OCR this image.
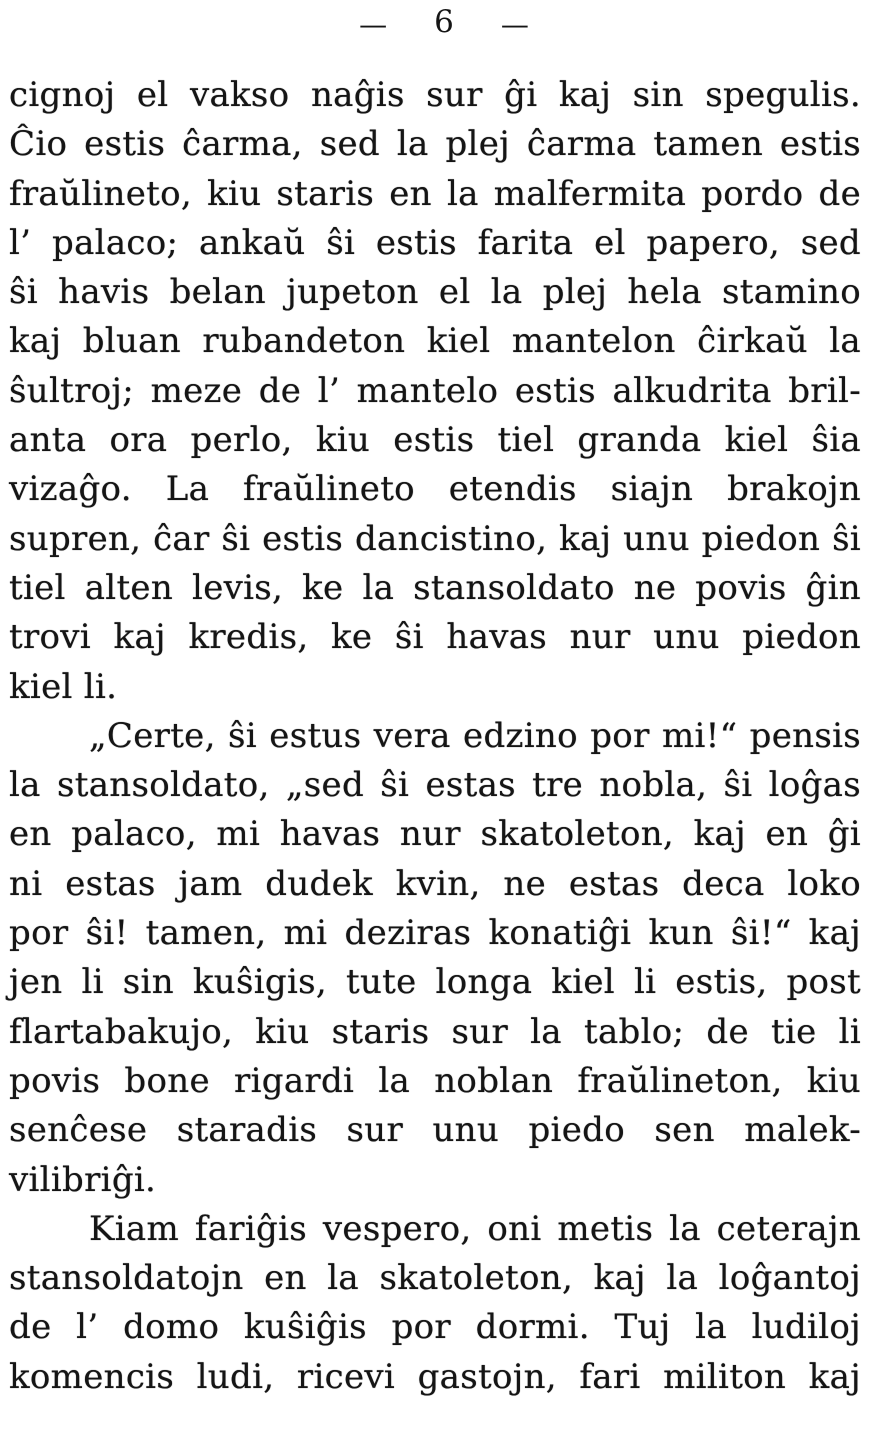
— 6 —
cignoj el vakso naĝis sur ĝi kaj sin spegulis.
Ĉio estis ĉarma, sed la plej ĉarma tamen estis
fraŭlineto, kiu staris en la malfermita pordo de
l’ palaco; ankaŭ ŝi estis farita el papero, sed
ŝi havis belan jupeton el la plej hela stamino
kaj bluan rubandeton kiel mantelon ĉirkaŭ la
ŝultroj; meze de l’ mantelo estis alkudrita bril-
anta ora perlo, kiu estis tiel granda kiel ŝia
vizaĝo. La fraŭlineto etendis siajn brakojn
supren, ĉar ŝi estis dancistino, kaj unu piedon ŝi
tiel alten levis, ke la stansoldato ne povis ĝin
trovi kaj kredis, ke ŝi havas nur unu piedon
kiel li.
„Certe, ŝi estus vera edzino por mi!“ pensis
la stansoldato, „sed ŝi estas tre nobla, ŝi loĝas
en palaco, mi havas nur skatoleton, kaj en ĝi
ni estas jam dudek kvin, ne estas deca loko
por ŝi! tamen, mi deziras konatiĝi kun ŝi!“ kaj
jen li sin kuŝigis, tute longa kiel li estis, post
flartabakujo, kiu staris sur la tablo; de tie li
povis bone rigardi la noblan fraŭlineton, kiu
senĉese staradis sur unu piedo sen malek-
vilibriĝi.
Kiam fariĝis vespero, oni metis la ceterajn
stansoldatojn en la skatoleton, kaj la loĝantoj
de l’ domo kuŝiĝis por dormi. Tuj la ludiloj
komencis ludi, ricevi gastojn, fari militon kaj
